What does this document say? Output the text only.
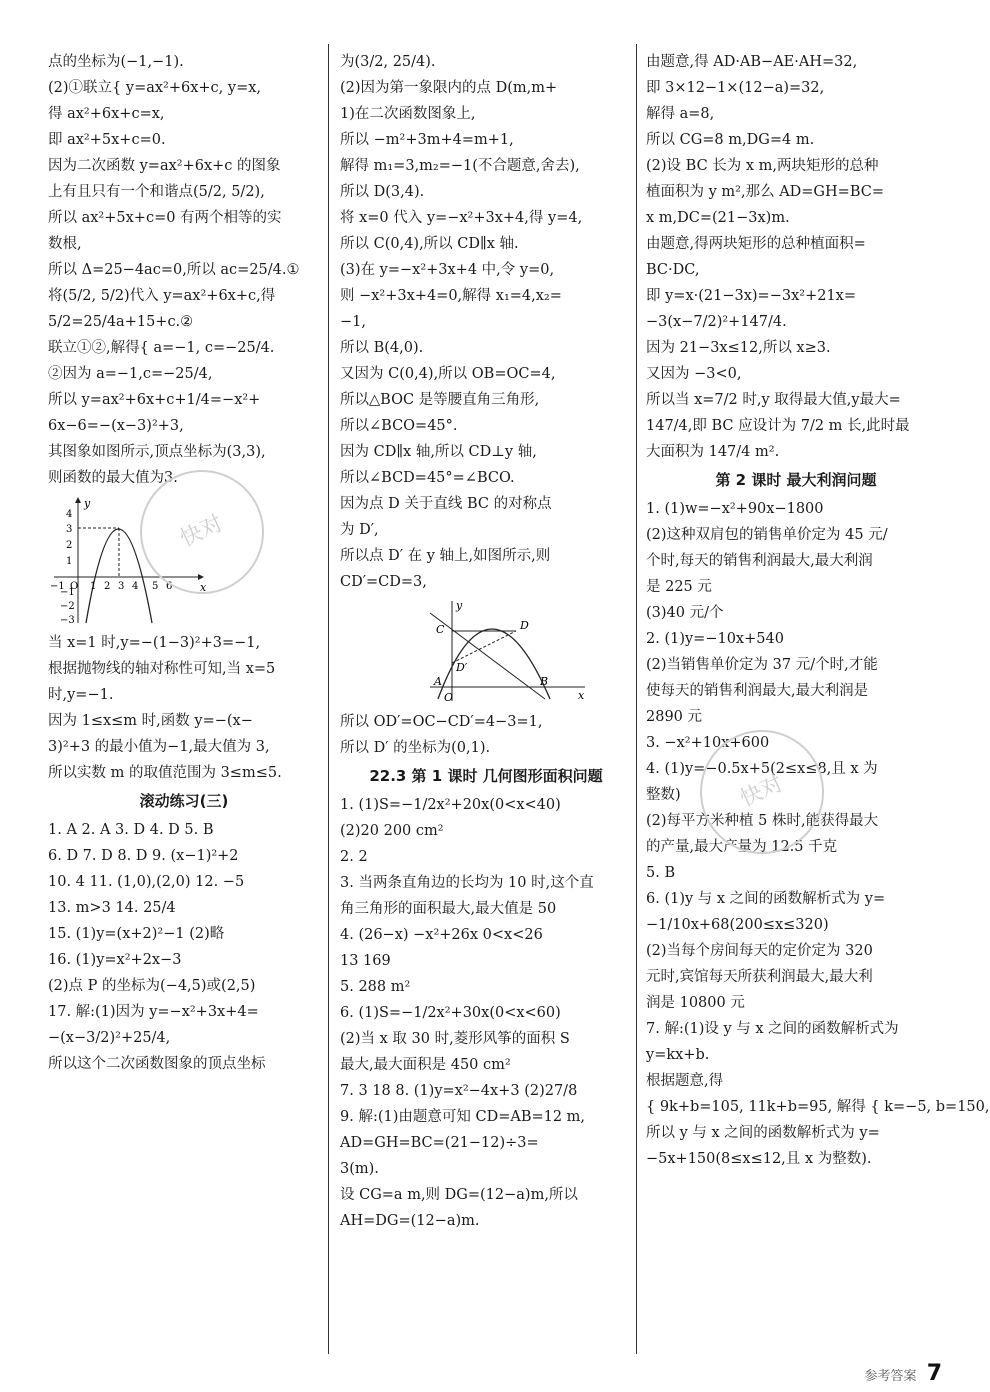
点的坐标为(−1,−1).
(2)①联立{ y=ax²+6x+c, y=x,
得 ax²+6x+c=x,
即 ax²+5x+c=0.
因为二次函数 y=ax²+6x+c 的图象
上有且只有一个和谐点(5/2, 5/2),
所以 ax²+5x+c=0 有两个相等的实
数根,
所以 Δ=25−4ac=0,所以 ac=25/4.①
将(5/2, 5/2)代入 y=ax²+6x+c,得
5/2=25/4a+15+c.②
联立①②,解得{ a=−1, c=−25/4.
②因为 a=−1,c=−25/4,
所以 y=ax²+6x+c+1/4=−x²+
6x−6=−(x−3)²+3,
其图象如图所示,顶点坐标为(3,3),
则函数的最大值为3.
y
x
4
3
2
1
−1
−2
−3
−1 O 1 2 3 4 5 6
当 x=1 时,y=−(1−3)²+3=−1,
根据抛物线的轴对称性可知,当 x=5
时,y=−1.
因为 1≤x≤m 时,函数 y=−(x−
3)²+3 的最小值为−1,最大值为 3,
所以实数 m 的取值范围为 3≤m≤5.
滚动练习(三)
1. A 2. A 3. D 4. D 5. B
6. D 7. D 8. D 9. (x−1)²+2
10. 4 11. (1,0),(2,0) 12. −5
13. m>3 14. 25/4
15. (1)y=(x+2)²−1 (2)略
16. (1)y=x²+2x−3
(2)点 P 的坐标为(−4,5)或(2,5)
17. 解:(1)因为 y=−x²+3x+4=
−(x−3/2)²+25/4,
所以这个二次函数图象的顶点坐标
为(3/2, 25/4).
(2)因为第一象限内的点 D(m,m+
1)在二次函数图象上,
所以 −m²+3m+4=m+1,
解得 m₁=3,m₂=−1(不合题意,舍去),
所以 D(3,4).
将 x=0 代入 y=−x²+3x+4,得 y=4,
所以 C(0,4),所以 CD∥x 轴.
(3)在 y=−x²+3x+4 中,令 y=0,
则 −x²+3x+4=0,解得 x₁=4,x₂=
−1,
所以 B(4,0).
又因为 C(0,4),所以 OB=OC=4,
所以△BOC 是等腰直角三角形,
所以∠BCO=45°.
因为 CD∥x 轴,所以 CD⊥y 轴,
所以∠BCD=45°=∠BCO.
因为点 D 关于直线 BC 的对称点
为 D′,
所以点 D′ 在 y 轴上,如图所示,则
CD′=CD=3,
y
C	D
D′
A
O
B
x
所以 OD′=OC−CD′=4−3=1,
所以 D′ 的坐标为(0,1).
22.3 第 1 课时 几何图形面积问题
1. (1)S=−1/2x²+20x(0<x<40)
(2)20 200 cm²
2. 2
3. 当两条直角边的长均为 10 时,这个直
角三角形的面积最大,最大值是 50
4. (26−x) −x²+26x 0<x<26
13 169
5. 288 m²
6. (1)S=−1/2x²+30x(0<x<60)
(2)当 x 取 30 时,菱形风筝的面积 S
最大,最大面积是 450 cm²
7. 3 18 8. (1)y=x²−4x+3 (2)27/8
9. 解:(1)由题意可知 CD=AB=12 m,
AD=GH=BC=(21−12)÷3=
3(m).
设 CG=a m,则 DG=(12−a)m,所以
AH=DG=(12−a)m.
由题意,得 AD·AB−AE·AH=32,
即 3×12−1×(12−a)=32,
解得 a=8,
所以 CG=8 m,DG=4 m.
(2)设 BC 长为 x m,两块矩形的总种
植面积为 y m²,那么 AD=GH=BC=
x m,DC=(21−3x)m.
由题意,得两块矩形的总种植面积=
BC·DC,
即 y=x·(21−3x)=−3x²+21x=
−3(x−7/2)²+147/4.
因为 21−3x≤12,所以 x≥3.
又因为 −3<0,
所以当 x=7/2 时,y 取得最大值,y最大=
147/4,即 BC 应设计为 7/2 m 长,此时最
大面积为 147/4 m².
第 2 课时 最大利润问题
1. (1)w=−x²+90x−1800
(2)这种双肩包的销售单价定为 45 元/
个时,每天的销售利润最大,最大利润
是 225 元
(3)40 元/个
2. (1)y=−10x+540
(2)当销售单价定为 37 元/个时,才能
使每天的销售利润最大,最大利润是
2890 元
3. −x²+10x+600
4. (1)y=−0.5x+5(2≤x≤8,且 x 为
整数)
(2)每平方米种植 5 株时,能获得最大
的产量,最大产量为 12.5 千克
5. B
6. (1)y 与 x 之间的函数解析式为 y=
−1/10x+68(200≤x≤320)
(2)当每个房间每天的定价定为 320
元时,宾馆每天所获利润最大,最大利
润是 10800 元
7. 解:(1)设 y 与 x 之间的函数解析式为
y=kx+b.
根据题意,得
{ 9k+b=105, 11k+b=95, 解得 { k=−5, b=150,
所以 y 与 x 之间的函数解析式为 y=
−5x+150(8≤x≤12,且 x 为整数).
快对
快对
参考答案 7
